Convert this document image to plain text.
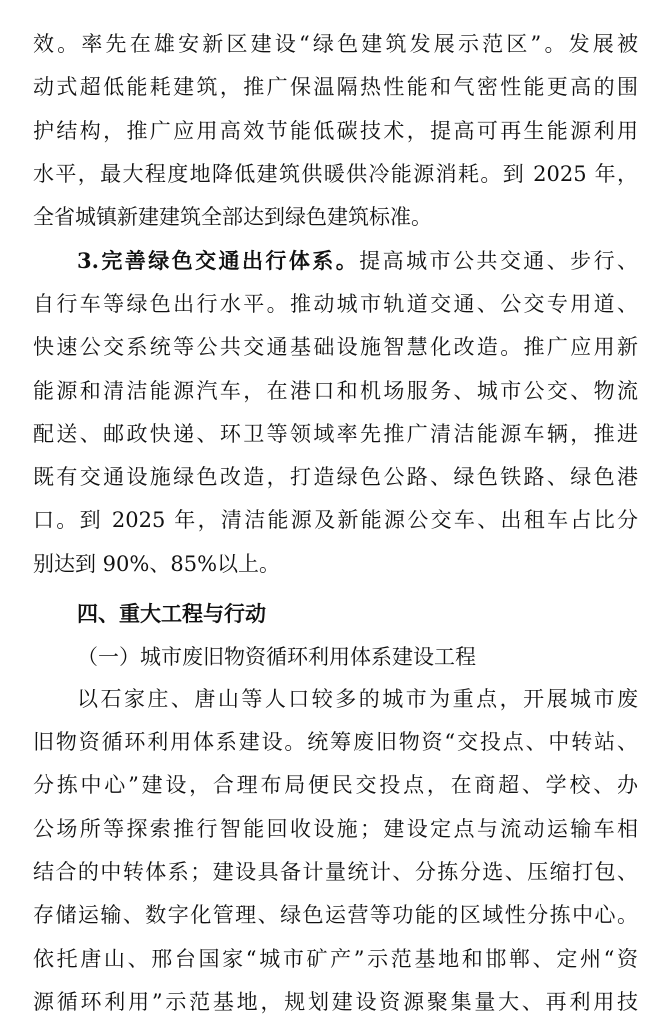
效。率先在雄安新区建设“绿色建筑发展示范区”。发展被
动式超低能耗建筑，推广保温隔热性能和气密性能更高的围
护结构，推广应用高效节能低碳技术，提高可再生能源利用
水平，最大程度地降低建筑供暖供冷能源消耗。到 2025 年，
全省城镇新建建筑全部达到绿色建筑标准。
3.完善绿色交通出行体系。提高城市公共交通、步行、
自行车等绿色出行水平。推动城市轨道交通、公交专用道、
快速公交系统等公共交通基础设施智慧化改造。推广应用新
能源和清洁能源汽车，在港口和机场服务、城市公交、物流
配送、邮政快递、环卫等领域率先推广清洁能源车辆，推进
既有交通设施绿色改造，打造绿色公路、绿色铁路、绿色港
口。到 2025 年，清洁能源及新能源公交车、出租车占比分
别达到 90%、85%以上。
四、重大工程与行动
（一）城市废旧物资循环利用体系建设工程
以石家庄、唐山等人口较多的城市为重点，开展城市废
旧物资循环利用体系建设。统筹废旧物资“交投点、中转站、
分拣中心”建设，合理布局便民交投点，在商超、学校、办
公场所等探索推行智能回收设施；建设定点与流动运输车相
结合的中转体系；建设具备计量统计、分拣分选、压缩打包、
存储运输、数字化管理、绿色运营等功能的区域性分拣中心。
依托唐山、邢台国家“城市矿产”示范基地和邯郸、定州“资
源循环利用”示范基地，规划建设资源聚集量大、再利用技
